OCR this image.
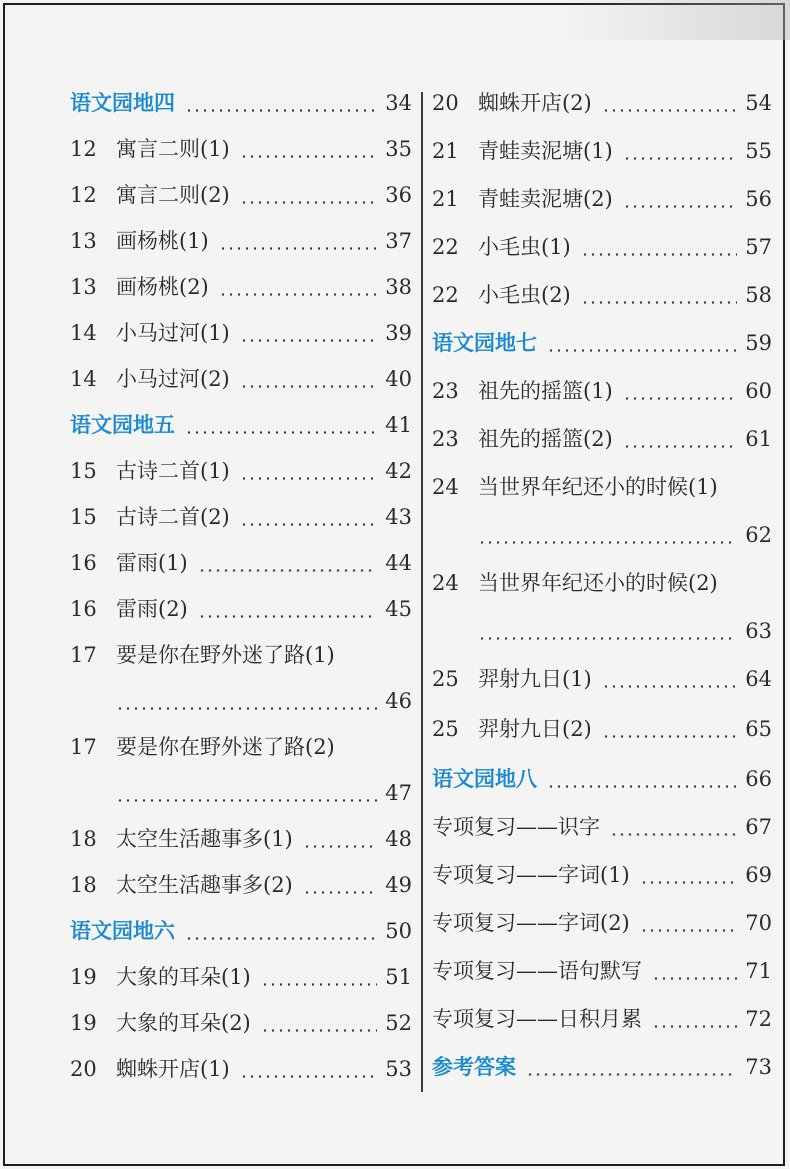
语文园地四	34
12 寓言二则(1)	35
12 寓言二则(2)	36
13 画杨桃(1)	37
13 画杨桃(2)	38
14 小马过河(1)	39
14 小马过河(2)	40
语文园地五	41
15 古诗二首(1)	42
15 古诗二首(2)	43
16 雷雨(1)	44
16 雷雨(2)	45
17 要是你在野外迷了路(1)
46
17 要是你在野外迷了路(2)
47
18 太空生活趣事多(1)	48
18 太空生活趣事多(2)	49
语文园地六	50
19 大象的耳朵(1)	51
19 大象的耳朵(2)	52
20 蜘蛛开店(1)	53
20 蜘蛛开店(2)	54
21 青蛙卖泥塘(1)	55
21 青蛙卖泥塘(2)	56
22 小毛虫(1)	57
22 小毛虫(2)	58
语文园地七	59
23 祖先的摇篮(1)	60
23 祖先的摇篮(2)	61
24 当世界年纪还小的时候(1)
62
24 当世界年纪还小的时候(2)
63
25 羿射九日(1)	64
25 羿射九日(2)	65
语文园地八	66
专项复习——识字	67
专项复习——字词(1)	69
专项复习——字词(2)	70
专项复习——语句默写	71
专项复习——日积月累	72
参考答案	73
